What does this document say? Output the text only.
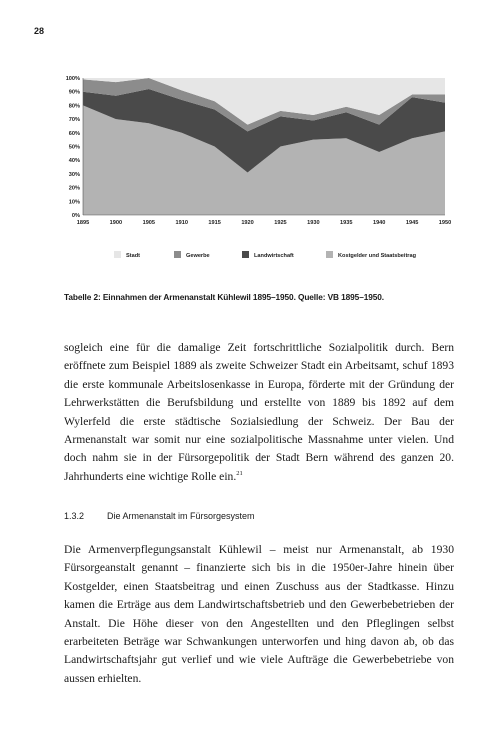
28
0%
10%
20%
30%
40%
50%
60%
70%
80%
90%
100%
1895	1900	1905	1910	1915	1920	1925	1930	1935	1940	1945	1950
Stadt	Gewerbe	Landwirtschaft	Kostgelder und Staatsbeitrag
Tabelle 2: Einnahmen der Armenanstalt Kühlewil 1895–1950. Quelle: VB 1895–1950.

sogleich eine für die damalige Zeit fortschrittliche Sozialpolitik durch. Bern eröffnete zum Beispiel 1889 als zweite Schweizer Stadt ein Arbeitsamt, schuf 1893 die erste kommunale Arbeitslosenkasse in Europa, förderte mit der Gründung der Lehrwerkstätten die Berufsbildung und erstellte von 1889 bis 1892 auf dem Wylerfeld die erste städtische Sozialsiedlung der Schweiz. Der Bau der Armenanstalt war somit nur eine sozialpolitische Massnahme unter vielen. Und doch nahm sie in der Fürsorgepolitik der Stadt Bern während des ganzen 20. Jahrhunderts eine wichtige Rolle ein.$^{21}$

1.3.2	Die Armenanstalt im Fürsorgesystem

Die Armenverpflegungsanstalt Kühlewil – meist nur Armenanstalt, ab 1930 Fürsorgeanstalt genannt – finanzierte sich bis in die 1950er-Jahre hinein über Kostgelder, einen Staatsbeitrag und einen Zuschuss aus der Stadtkasse. Hinzu kamen die Erträge aus dem Landwirtschaftsbetrieb und den Gewerbebetrieben der Anstalt. Die Höhe dieser von den Angestellten und den Pfleglingen selbst erarbeiteten Beträge war Schwankungen unterworfen und hing davon ab, ob das Landwirtschaftsjahr gut verlief und wie viele Aufträge die Gewerbebetriebe von aussen erhielten.
